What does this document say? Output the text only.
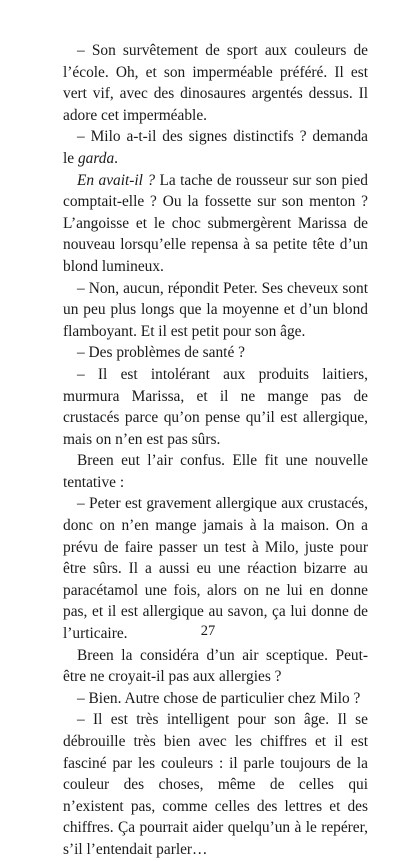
– Son survêtement de sport aux couleurs de l’école. Oh, et son imperméable préféré. Il est vert vif, avec des dinosaures argentés dessus. Il adore cet imperméable.

– Milo a-t-il des signes distinctifs ? demanda le garda.

En avait-il ? La tache de rousseur sur son pied comptait-elle ? Ou la fossette sur son menton ? L’angoisse et le choc submergèrent Marissa de nouveau lorsqu’elle repensa à sa petite tête d’un blond lumineux.

– Non, aucun, répondit Peter. Ses cheveux sont un peu plus longs que la moyenne et d’un blond flamboyant. Et il est petit pour son âge.

– Des problèmes de santé ?

– Il est intolérant aux produits laitiers, murmura Marissa, et il ne mange pas de crustacés parce qu’on pense qu’il est allergique, mais on n’en est pas sûrs.

Breen eut l’air confus. Elle fit une nouvelle tentative :

– Peter est gravement allergique aux crustacés, donc on n’en mange jamais à la maison. On a prévu de faire passer un test à Milo, juste pour être sûrs. Il a aussi eu une réaction bizarre au paracétamol une fois, alors on ne lui en donne pas, et il est allergique au savon, ça lui donne de l’urticaire.

Breen la considéra d’un air sceptique. Peut-être ne croyait-il pas aux allergies ?

– Bien. Autre chose de particulier chez Milo ?

– Il est très intelligent pour son âge. Il se débrouille très bien avec les chiffres et il est fasciné par les couleurs : il parle toujours de la couleur des choses, même de celles qui n’existent pas, comme celles des lettres et des chiffres. Ça pourrait aider quelqu’un à le repérer, s’il l’entendait parler…

27
